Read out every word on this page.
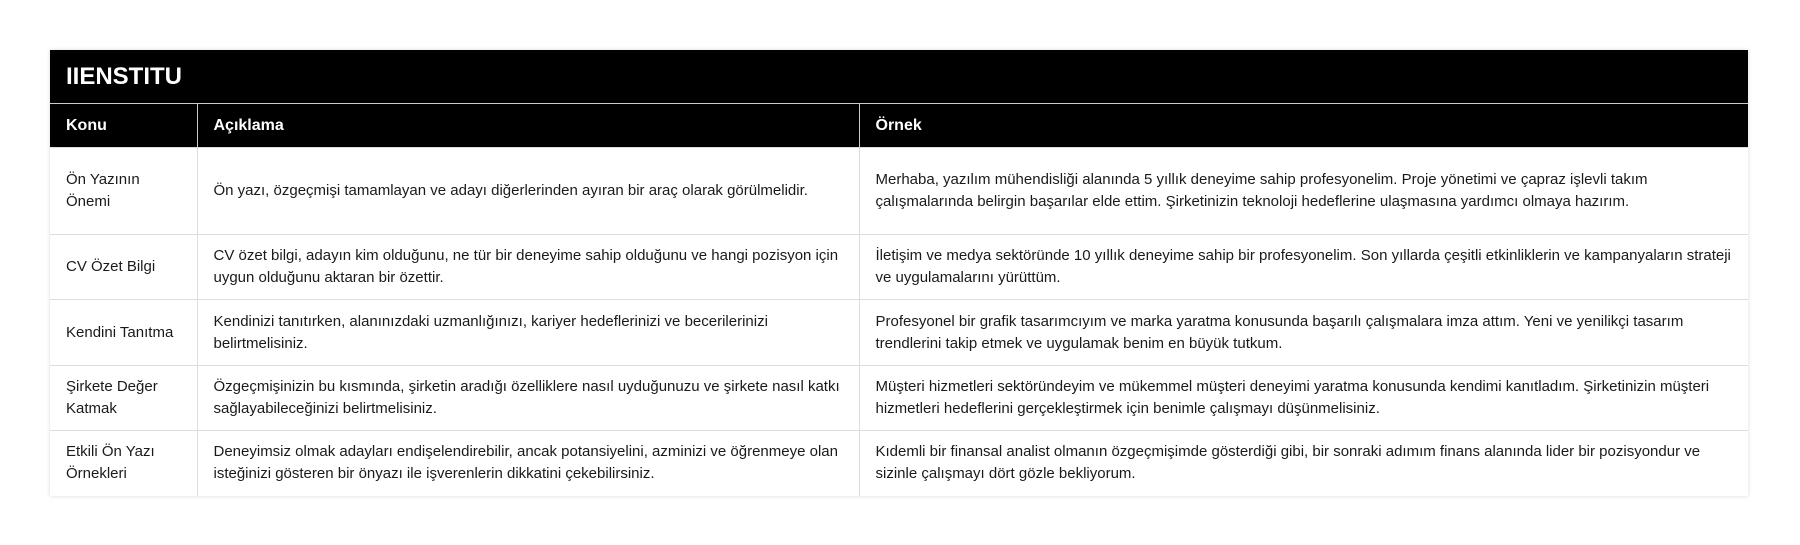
IIENSTITU
Konu	Açıklama	Örnek
Ön Yazının Önemi	Ön yazı, özgeçmişi tamamlayan ve adayı diğerlerinden ayıran bir araç olarak görülmelidir.	Merhaba, yazılım mühendisliği alanında 5 yıllık deneyime sahip profesyonelim. Proje yönetimi ve çapraz işlevli takım çalışmalarında belirgin başarılar elde ettim. Şirketinizin teknoloji hedeflerine ulaşmasına yardımcı olmaya hazırım.
CV Özet Bilgi	CV özet bilgi, adayın kim olduğunu, ne tür bir deneyime sahip olduğunu ve hangi pozisyon için uygun olduğunu aktaran bir özettir.	İletişim ve medya sektöründe 10 yıllık deneyime sahip bir profesyonelim. Son yıllarda çeşitli etkinliklerin ve kampanyaların strateji ve uygulamalarını yürüttüm.
Kendini Tanıtma	Kendinizi tanıtırken, alanınızdaki uzmanlığınızı, kariyer hedeflerinizi ve becerilerinizi belirtmelisiniz.	Profesyonel bir grafik tasarımcıyım ve marka yaratma konusunda başarılı çalışmalara imza attım. Yeni ve yenilikçi tasarım trendlerini takip etmek ve uygulamak benim en büyük tutkum.
Şirkete Değer Katmak	Özgeçmişinizin bu kısmında, şirketin aradığı özelliklere nasıl uyduğunuzu ve şirkete nasıl katkı sağlayabileceğinizi belirtmelisiniz.	Müşteri hizmetleri sektöründeyim ve mükemmel müşteri deneyimi yaratma konusunda kendimi kanıtladım. Şirketinizin müşteri hizmetleri hedeflerini gerçekleştirmek için benimle çalışmayı düşünmelisiniz.
Etkili Ön Yazı Örnekleri	Deneyimsiz olmak adayları endişelendirebilir, ancak potansiyelini, azminizi ve öğrenmeye olan isteğinizi gösteren bir önyazı ile işverenlerin dikkatini çekebilirsiniz.	Kıdemli bir finansal analist olmanın özgeçmişimde gösterdiği gibi, bir sonraki adımım finans alanında lider bir pozisyondur ve sizinle çalışmayı dört gözle bekliyorum.
